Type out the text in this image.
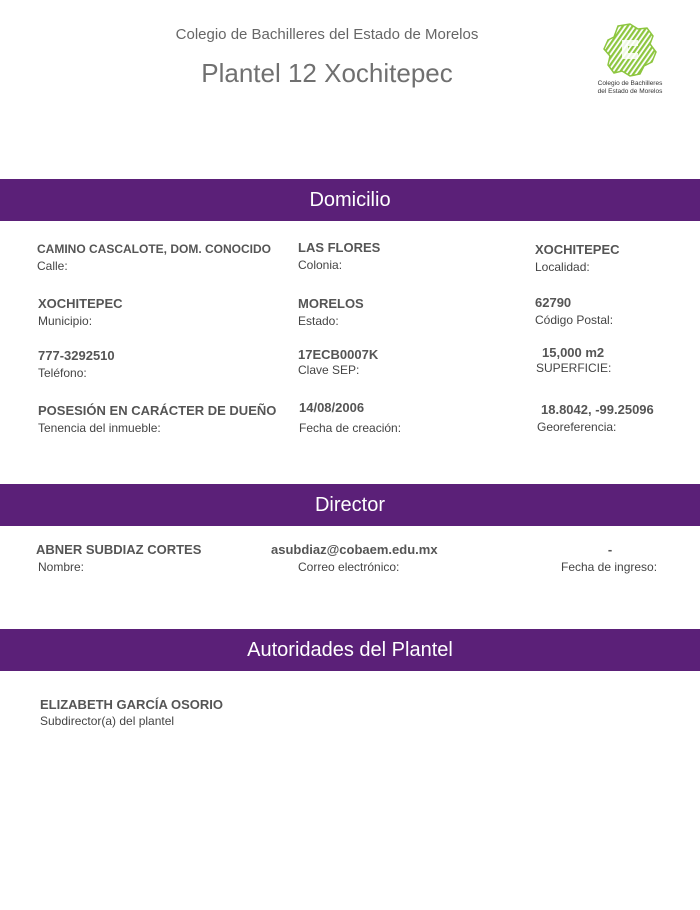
Colegio de Bachilleres del Estado de Morelos
Plantel 12 Xochitepec	Colegio de Bachilleres
del Estado de Morelos
Domicilio
CAMINO CASCALOTE, DOM. CONOCIDO
Calle:
LAS FLORES
Colonia:
XOCHITEPEC
Localidad:
XOCHITEPEC
Municipio:
MORELOS
Estado:
62790
Código Postal:
777-3292510
Teléfono:
17ECB0007K
Clave SEP:
15,000 m2
SUPERFICIE:
POSESIÓN EN CARÁCTER DE DUEÑO
Tenencia del inmueble:
14/08/2006
Fecha de creación:
18.8042, -99.25096
Georeferencia:
Director
ABNER SUBDIAZ CORTES
Nombre:
asubdiaz@cobaem.edu.mx
Correo electrónico:
-
Fecha de ingreso:
Autoridades del Plantel
ELIZABETH GARCÍA OSORIO
Subdirector(a) del plantel
